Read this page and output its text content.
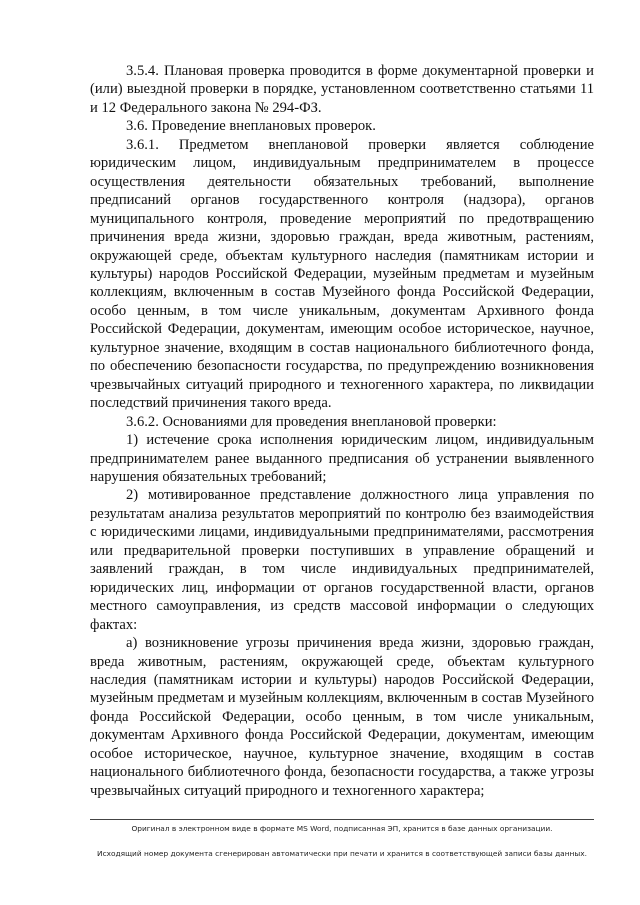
3.5.4. Плановая проверка проводится в форме документарной проверки и (или) выездной проверки в порядке, установленном соответственно статьями 11 и 12 Федерального закона № 294-ФЗ.

3.6. Проведение внеплановых проверок.

3.6.1. Предметом внеплановой проверки является соблюдение юридическим лицом, индивидуальным предпринимателем в процессе осуществления деятельности обязательных требований, выполнение предписаний органов государственного контроля (надзора), органов муниципального контроля, проведение мероприятий по предотвращению причинения вреда жизни, здоровью граждан, вреда животным, растениям, окружающей среде, объектам культурного наследия (памятникам истории и культуры) народов Российской Федерации, музейным предметам и музейным коллекциям, включенным в состав Музейного фонда Российской Федерации, особо ценным, в том числе уникальным, документам Архивного фонда Российской Федерации, документам, имеющим особое историческое, научное, культурное значение, входящим в состав национального библиотечного фонда, по обеспечению безопасности государства, по предупреждению возникновения чрезвычайных ситуаций природного и техногенного характера, по ликвидации последствий причинения такого вреда.

3.6.2. Основаниями для проведения внеплановой проверки:

1) истечение срока исполнения юридическим лицом, индивидуальным предпринимателем ранее выданного предписания об устранении выявленного нарушения обязательных требований;

2) мотивированное представление должностного лица управления по результатам анализа результатов мероприятий по контролю без взаимодействия с юридическими лицами, индивидуальными предпринимателями, рассмотрения или предварительной проверки поступивших в управление обращений и заявлений граждан, в том числе индивидуальных предпринимателей, юридических лиц, информации от органов государственной власти, органов местного самоуправления, из средств массовой информации о следующих фактах:

а) возникновение угрозы причинения вреда жизни, здоровью граждан, вреда животным, растениям, окружающей среде, объектам культурного наследия (памятникам истории и культуры) народов Российской Федерации, музейным предметам и музейным коллекциям, включенным в состав Музейного фонда Российской Федерации, особо ценным, в том числе уникальным, документам Архивного фонда Российской Федерации, документам, имеющим особое историческое, научное, культурное значение, входящим в состав национального библиотечного фонда, безопасности государства, а также угрозы чрезвычайных ситуаций природного и техногенного характера;

Оригинал в электронном виде в формате MS Word, подписанная ЭП, хранится в базе данных организации.

Исходящий номер документа сгенерирован автоматически при печати и хранится в соответствующей записи базы данных.
